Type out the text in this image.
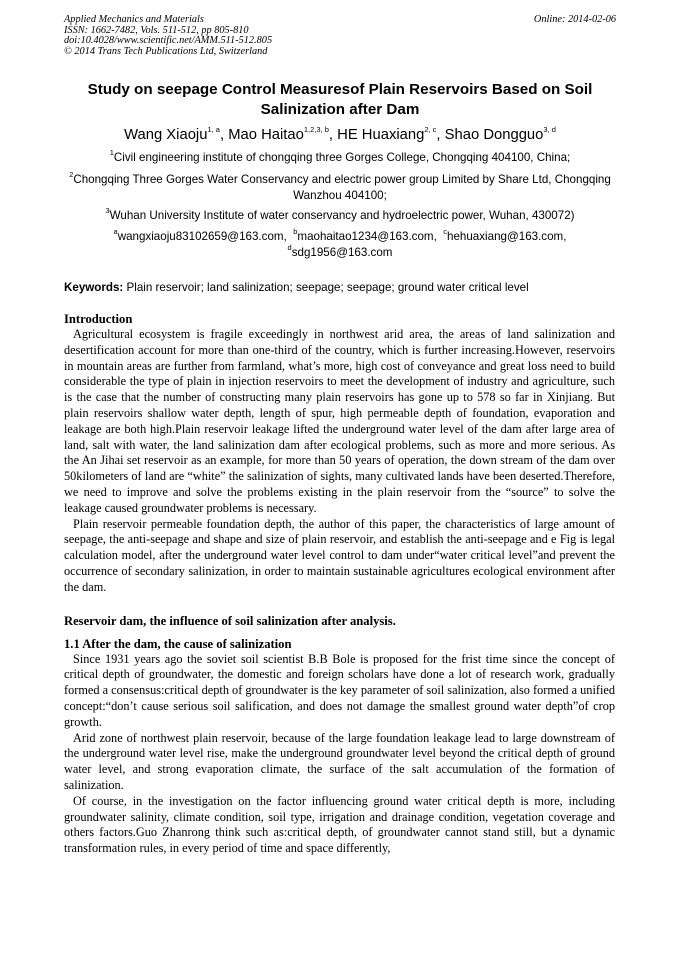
Applied Mechanics and Materials
ISSN: 1662-7482, Vols. 511-512, pp 805-810
doi:10.4028/www.scientific.net/AMM.511-512.805
© 2014 Trans Tech Publications Ltd, Switzerland
Online: 2014-02-06
Study on seepage Control Measuresof Plain Reservoirs Based on Soil Salinization after Dam
Wang Xiaoju$^{1, a}$, Mao Haitao$^{1,2,3, b}$, HE Huaxiang$^{2, c}$, Shao Dongguo$^{3, d}$
$^1$Civil engineering institute of chongqing three Gorges College, Chongqing 404100, China;
$^2$Chongqing Three Gorges Water Conservancy and electric power group Limited by Share Ltd, Chongqing Wanzhou 404100;
$^3$Wuhan University Institute of water conservancy and hydroelectric power, Wuhan, 430072)
$^a$wangxiaoju83102659@163.com, $^b$maohaitao1234@163.com, $^c$hehuaxiang@163.com,
$^d$sdg1956@163.com
Keywords: Plain reservoir; land salinization; seepage; seepage; ground water critical level

Introduction

Agricultural ecosystem is fragile exceedingly in northwest arid area, the areas of land salinization and desertification account for more than one-third of the country, which is further increasing.However, reservoirs in mountain areas are further from farmland, what’s more, high cost of conveyance and great loss need to build considerable the type of plain in injection reservoirs to meet the development of industry and agriculture, such is the case that the number of constructing many plain reservoirs has gone up to 578 so far in Xinjiang. But plain reservoirs shallow water depth, length of spur, high permeable depth of foundation, evaporation and leakage are both high.Plain reservoir leakage lifted the underground water level of the dam after large area of land, salt with water, the land salinization dam after ecological problems, such as more and more serious. As the An Jihai set reservoir as an example, for more than 50 years of operation, the down stream of the dam over 50kilometers of land are “white” the salinization of sights, many cultivated lands have been deserted.Therefore, we need to improve and solve the problems existing in the plain reservoir from the “source” to solve the leakage caused groundwater problems is necessary.

Plain reservoir permeable foundation depth, the author of this paper, the characteristics of large amount of seepage, the anti-seepage and shape and size of plain reservoir, and establish the anti-seepage and e Fig is legal calculation model, after the underground water level control to dam under“water critical level”and prevent the occurrence of secondary salinization, in order to maintain sustainable agricultures ecological environment after the dam.

Reservoir dam, the influence of soil salinization after analysis.

1.1 After the dam, the cause of salinization

Since 1931 years ago the soviet soil scientist B.B Bole is proposed for the frist time since the concept of critical depth of groundwater, the domestic and foreign scholars have done a lot of research work, gradually formed a consensus:critical depth of groundwater is the key parameter of soil salinization, also formed a unified concept:“don’t cause serious soil salification, and does not damage the smallest ground water depth”of crop growth.

Arid zone of northwest plain reservoir, because of the large foundation leakage lead to large downstream of the underground water level rise, make the underground groundwater level beyond the critical depth of ground water level, and strong evaporation climate, the surface of the salt accumulation of the formation of salinization.

Of course, in the investigation on the factor influencing ground water critical depth is more, including groundwater salinity, climate condition, soil type, irrigation and drainage condition, vegetation coverage and others factors.Guo Zhanrong think such as:critical depth, of groundwater cannot stand still, but a dynamic transformation rules, in every period of time and space differently,
